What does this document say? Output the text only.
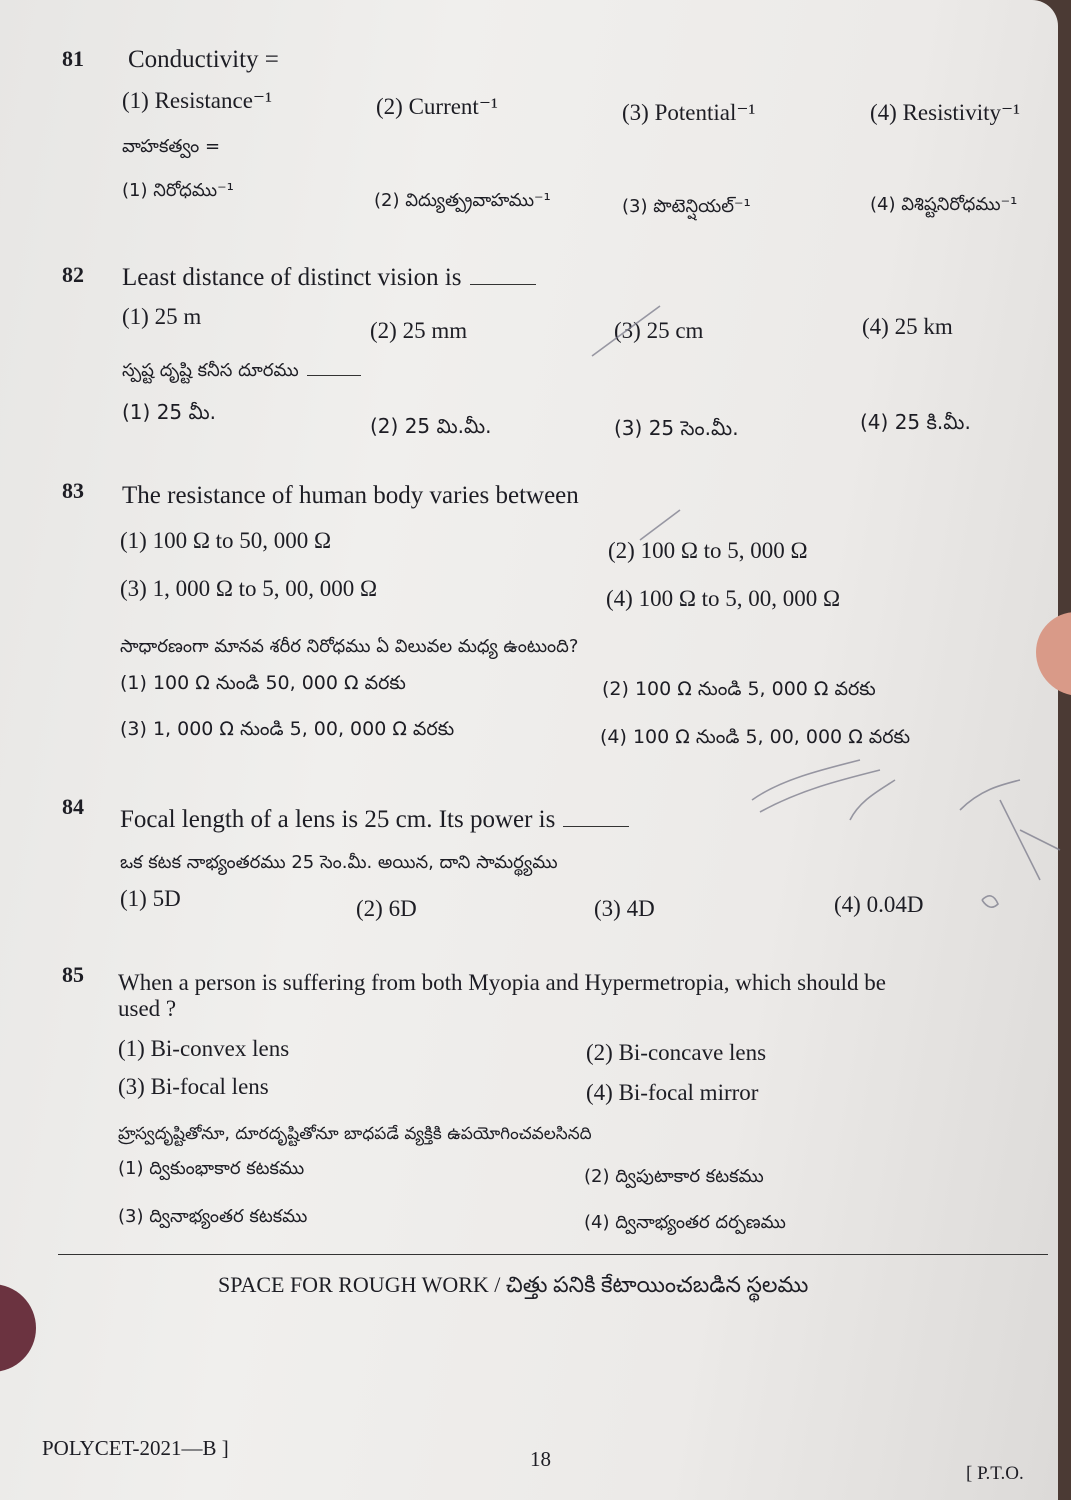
81 Conductivity =
(1) Resistance⁻¹	(2) Current⁻¹	(3) Potential⁻¹	(4) Resistivity⁻¹
వాహకత్వం =
(1) నిరోధము⁻¹	(2) విద్యుత్ప్రవాహము⁻¹	(3) పొటెన్షియల్⁻¹	(4) విశిష్టనిరోధము⁻¹
82 Least distance of distinct vision is
(1) 25 m
(2) 25 mm	(3) 25 cm	(4) 25 km
స్పష్ట దృష్టి కనీస దూరము
(1) 25 మీ.
(2) 25 మి.మీ.	(3) 25 సెం.మీ.	(4) 25 కి.మీ.
83 The resistance of human body varies between
(1) 100 Ω to 50, 000 Ω	(2) 100 Ω to 5, 000 Ω
(3) 1, 000 Ω to 5, 00, 000 Ω	(4) 100 Ω to 5, 00, 000 Ω
సాధారణంగా మానవ శరీర నిరోధము ఏ విలువల మధ్య ఉంటుంది?
(1) 100 Ω నుండి 50, 000 Ω వరకు	(2) 100 Ω నుండి 5, 000 Ω వరకు
(3) 1, 000 Ω నుండి 5, 00, 000 Ω వరకు	(4) 100 Ω నుండి 5, 00, 000 Ω వరకు
84 Focal length of a lens is 25 cm. Its power is
ఒక కటక నాభ్యంతరము 25 సెం.మీ. అయిన, దాని సామర్థ్యము
(1) 5D	(2) 6D	(3) 4D	(4) 0.04D
85 When a person is suffering from both Myopia and Hypermetropia, which should be
used ?
(1) Bi-convex lens	(2) Bi-concave lens
(3) Bi-focal lens	(4) Bi-focal mirror
హ్రస్వదృష్టితోనూ, దూరదృష్టితోనూ బాధపడే వ్యక్తికి ఉపయోగించవలసినది
(1) ద్వికుంభాకార కటకము	(2) ద్విపుటాకార కటకము
(3) ద్వినాభ్యంతర కటకము	(4) ద్వినాభ్యంతర దర్పణము
SPACE FOR ROUGH WORK / చిత్తు పనికి కేటాయించబడిన స్థలము
POLYCET-2021—B ]	18
[ P.T.O.
